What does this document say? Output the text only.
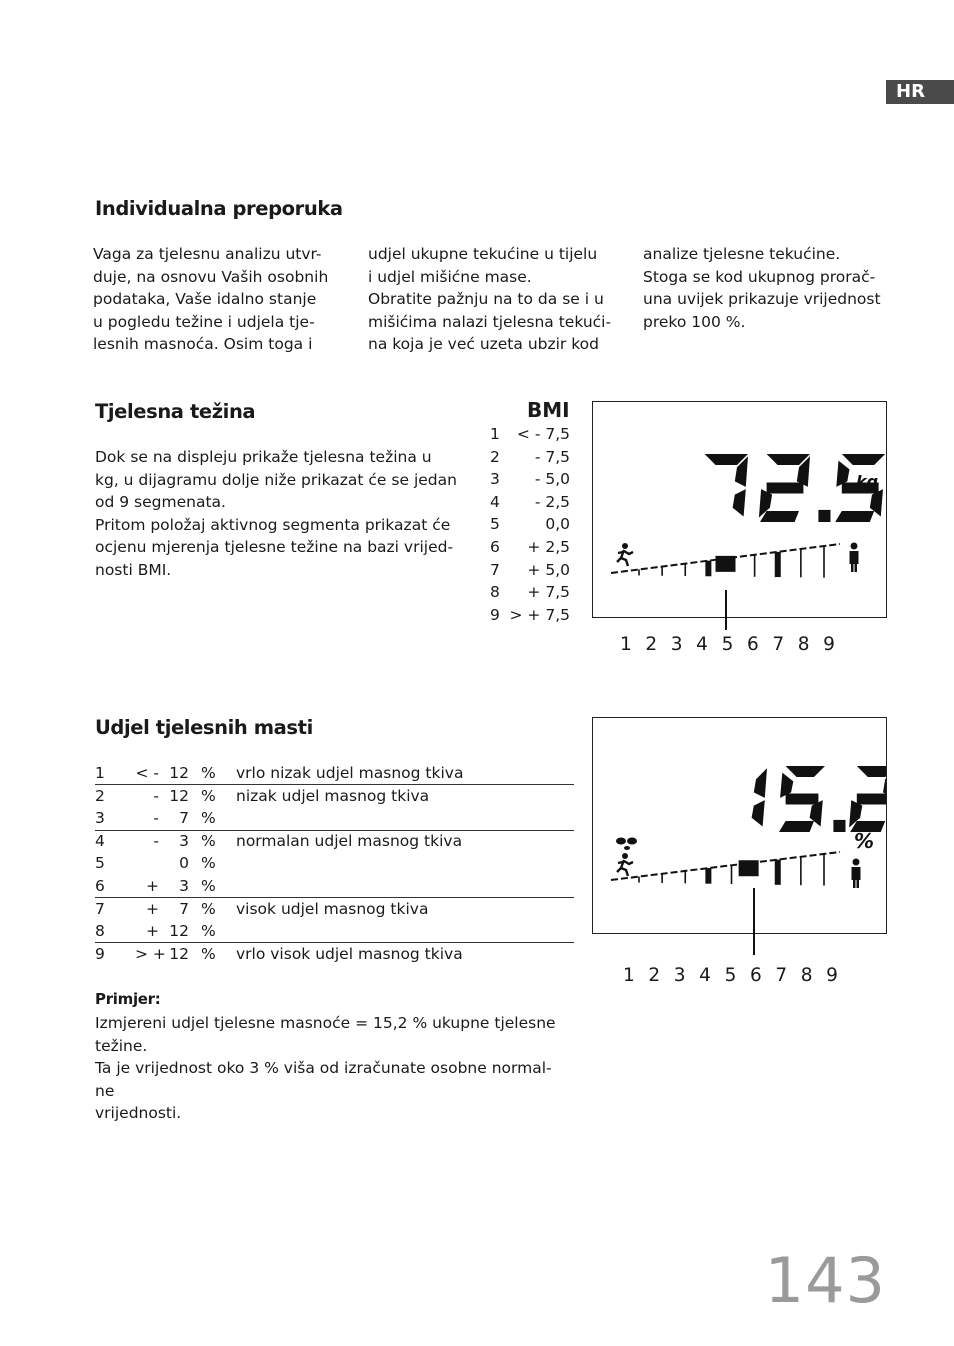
HR
Individualna preporuka
Vaga za tjelesnu analizu utvr-
duje, na osnovu Vaših osobnih
podataka, Vaše idalno stanje
u pogledu težine i udjela tje-
lesnih masnoća. Osim toga i
udjel ukupne tekućine u tijelu
i udjel mišićne mase.
Obratite pažnju na to da se i u
mišićima nalazi tjelesna tekući-
na koja je već uzeta ubzir kod
analize tjelesne tekućine.
Stoga se kod ukupnog prorač-
una uvijek prikazuje vrijednost
preko 100 %.
Tjelesna težina
Dok se na displeju prikaže tjelesna težina u
kg, u dijagramu dolje niže prikazat će se jedan
od 9 segmenata.
Pritom položaj aktivnog segmenta prikazat će
ocjenu mjerenja tjelesne težine na bazi vrijed-
nosti BMI.
BMI
1 < - 7,5
2 - 7,5
3 - 5,0
4 - 2,5
5	0,0
6 + 2,5
7 + 5,0
8 + 7,5
9 > + 7,5
kg
1 2 3 4 5 6 7 8 9
Udjel tjelesnih masti
1 < - 12 % vrlo nizak udjel masnog tkiva
2	- 12 % nizak udjel masnog tkiva
3	-	7 %
4	-	3 % normalan udjel masnog tkiva
5	0 %
6	+	3 %
7	+	7 % visok udjel masnog tkiva
8	+ 12 %
9 > + 12 % vrlo visok udjel masnog tkiva
Primjer:
Izmjereni udjel tjelesne masnoće = 15,2 % ukupne tjelesne
težine.
Ta je vrijednost oko 3 % viša od izračunate osobne normal-
ne
vrijednosti.
%
1 2 3 4 5 6 7 8 9
143
